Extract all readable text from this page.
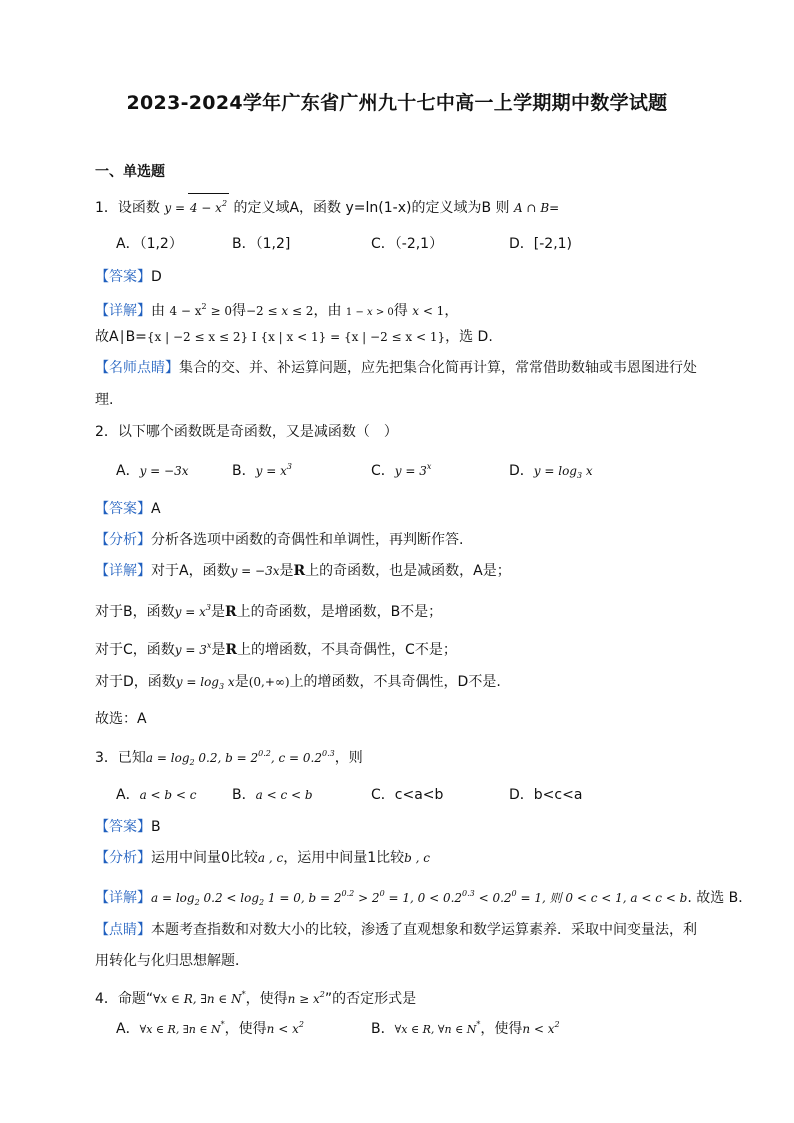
2023-2024学年广东省广州九十七中高一上学期期中数学试题
一、单选题
1．设函数 $y = 4 - x^2$ 的定义域A，函数 y=ln(1-x)的定义域为B 则 A ∩ B=
A．（1,2）	B．（1,2]	C．（-2,1）	D．[-2,1)
【答案】D
【详解】由 $4 - x^2 \ge 0$得−2 ≤ x ≤ 2，由 1 − x > 0得 x < 1，
故A∣B={x | −2 ≤ x ≤ 2} I {x | x < 1} = {x | −2 ≤ x < 1}，选 D.
【名师点睛】集合的交、并、补运算问题，应先把集合化简再计算，常常借助数轴或韦恩图进行处
理.
2．以下哪个函数既是奇函数，又是减函数（　）
A．y = −3x	B．$y = x^3$	C．$y = 3^x$	D．$y = \log_3 x$
【答案】A
【分析】分析各选项中函数的奇偶性和单调性，再判断作答.
【详解】对于A，函数y = −3x是R上的奇函数，也是减函数，A是；
对于B，函数$y = x^3$是R上的奇函数，是增函数，B不是；
对于C，函数$y = 3^x$是R上的增函数，不具奇偶性，C不是；
对于D，函数$y = \log_3 x$是(0,+∞)上的增函数，不具奇偶性，D不是.
故选：A
3．已知$a = \log_2 0.2$, $b = 2^{0.2}$, $c = 0.2^{0.3}$，则
A．a < b < c	B．a < c < b	C．c<a<b	D．b<c<a
【答案】B
【分析】运用中间量0比较a , c，运用中间量1比较b , c
【详解】$a = \log_2 0.2 < \log_2 1 = 0$, $b = 2^{0.2} > 2^0 = 1$, $0 < 0.2^{0.3} < 0.2^0 = 1$, 则 0 < c < 1, a < c < b. 故选 B．
【点睛】本题考查指数和对数大小的比较，渗透了直观想象和数学运算素养．采取中间变量法，利
用转化与化归思想解题．
4．命题“∀x ∈ R, ∃n ∈ N*，使得$n \ge x^2$”的否定形式是
A．∀x ∈ R, ∃n ∈ N*，使得$n < x^2$	B．∀x ∈ R, ∀n ∈ N*，使得$n < x^2$
